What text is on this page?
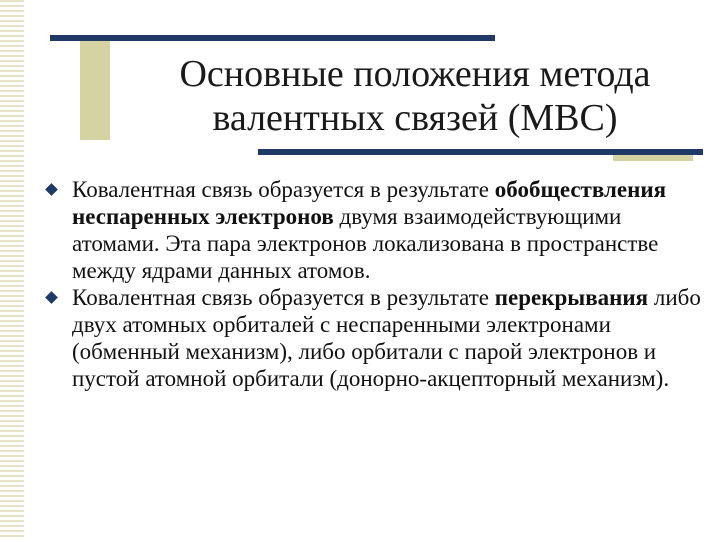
Основные положения метода
валентных связей (МВС)
Ковалентная связь образуется в результате обобществления неспаренных электронов двумя взаимодействующими атомами. Эта пара электронов локализована в пространстве между ядрами данных атомов.
Ковалентная связь образуется в результате перекрывания либо двух атомных орбиталей с неспаренными электронами (обменный механизм), либо орбитали с парой электронов и пустой атомной орбитали (донорно-акцепторный механизм).
